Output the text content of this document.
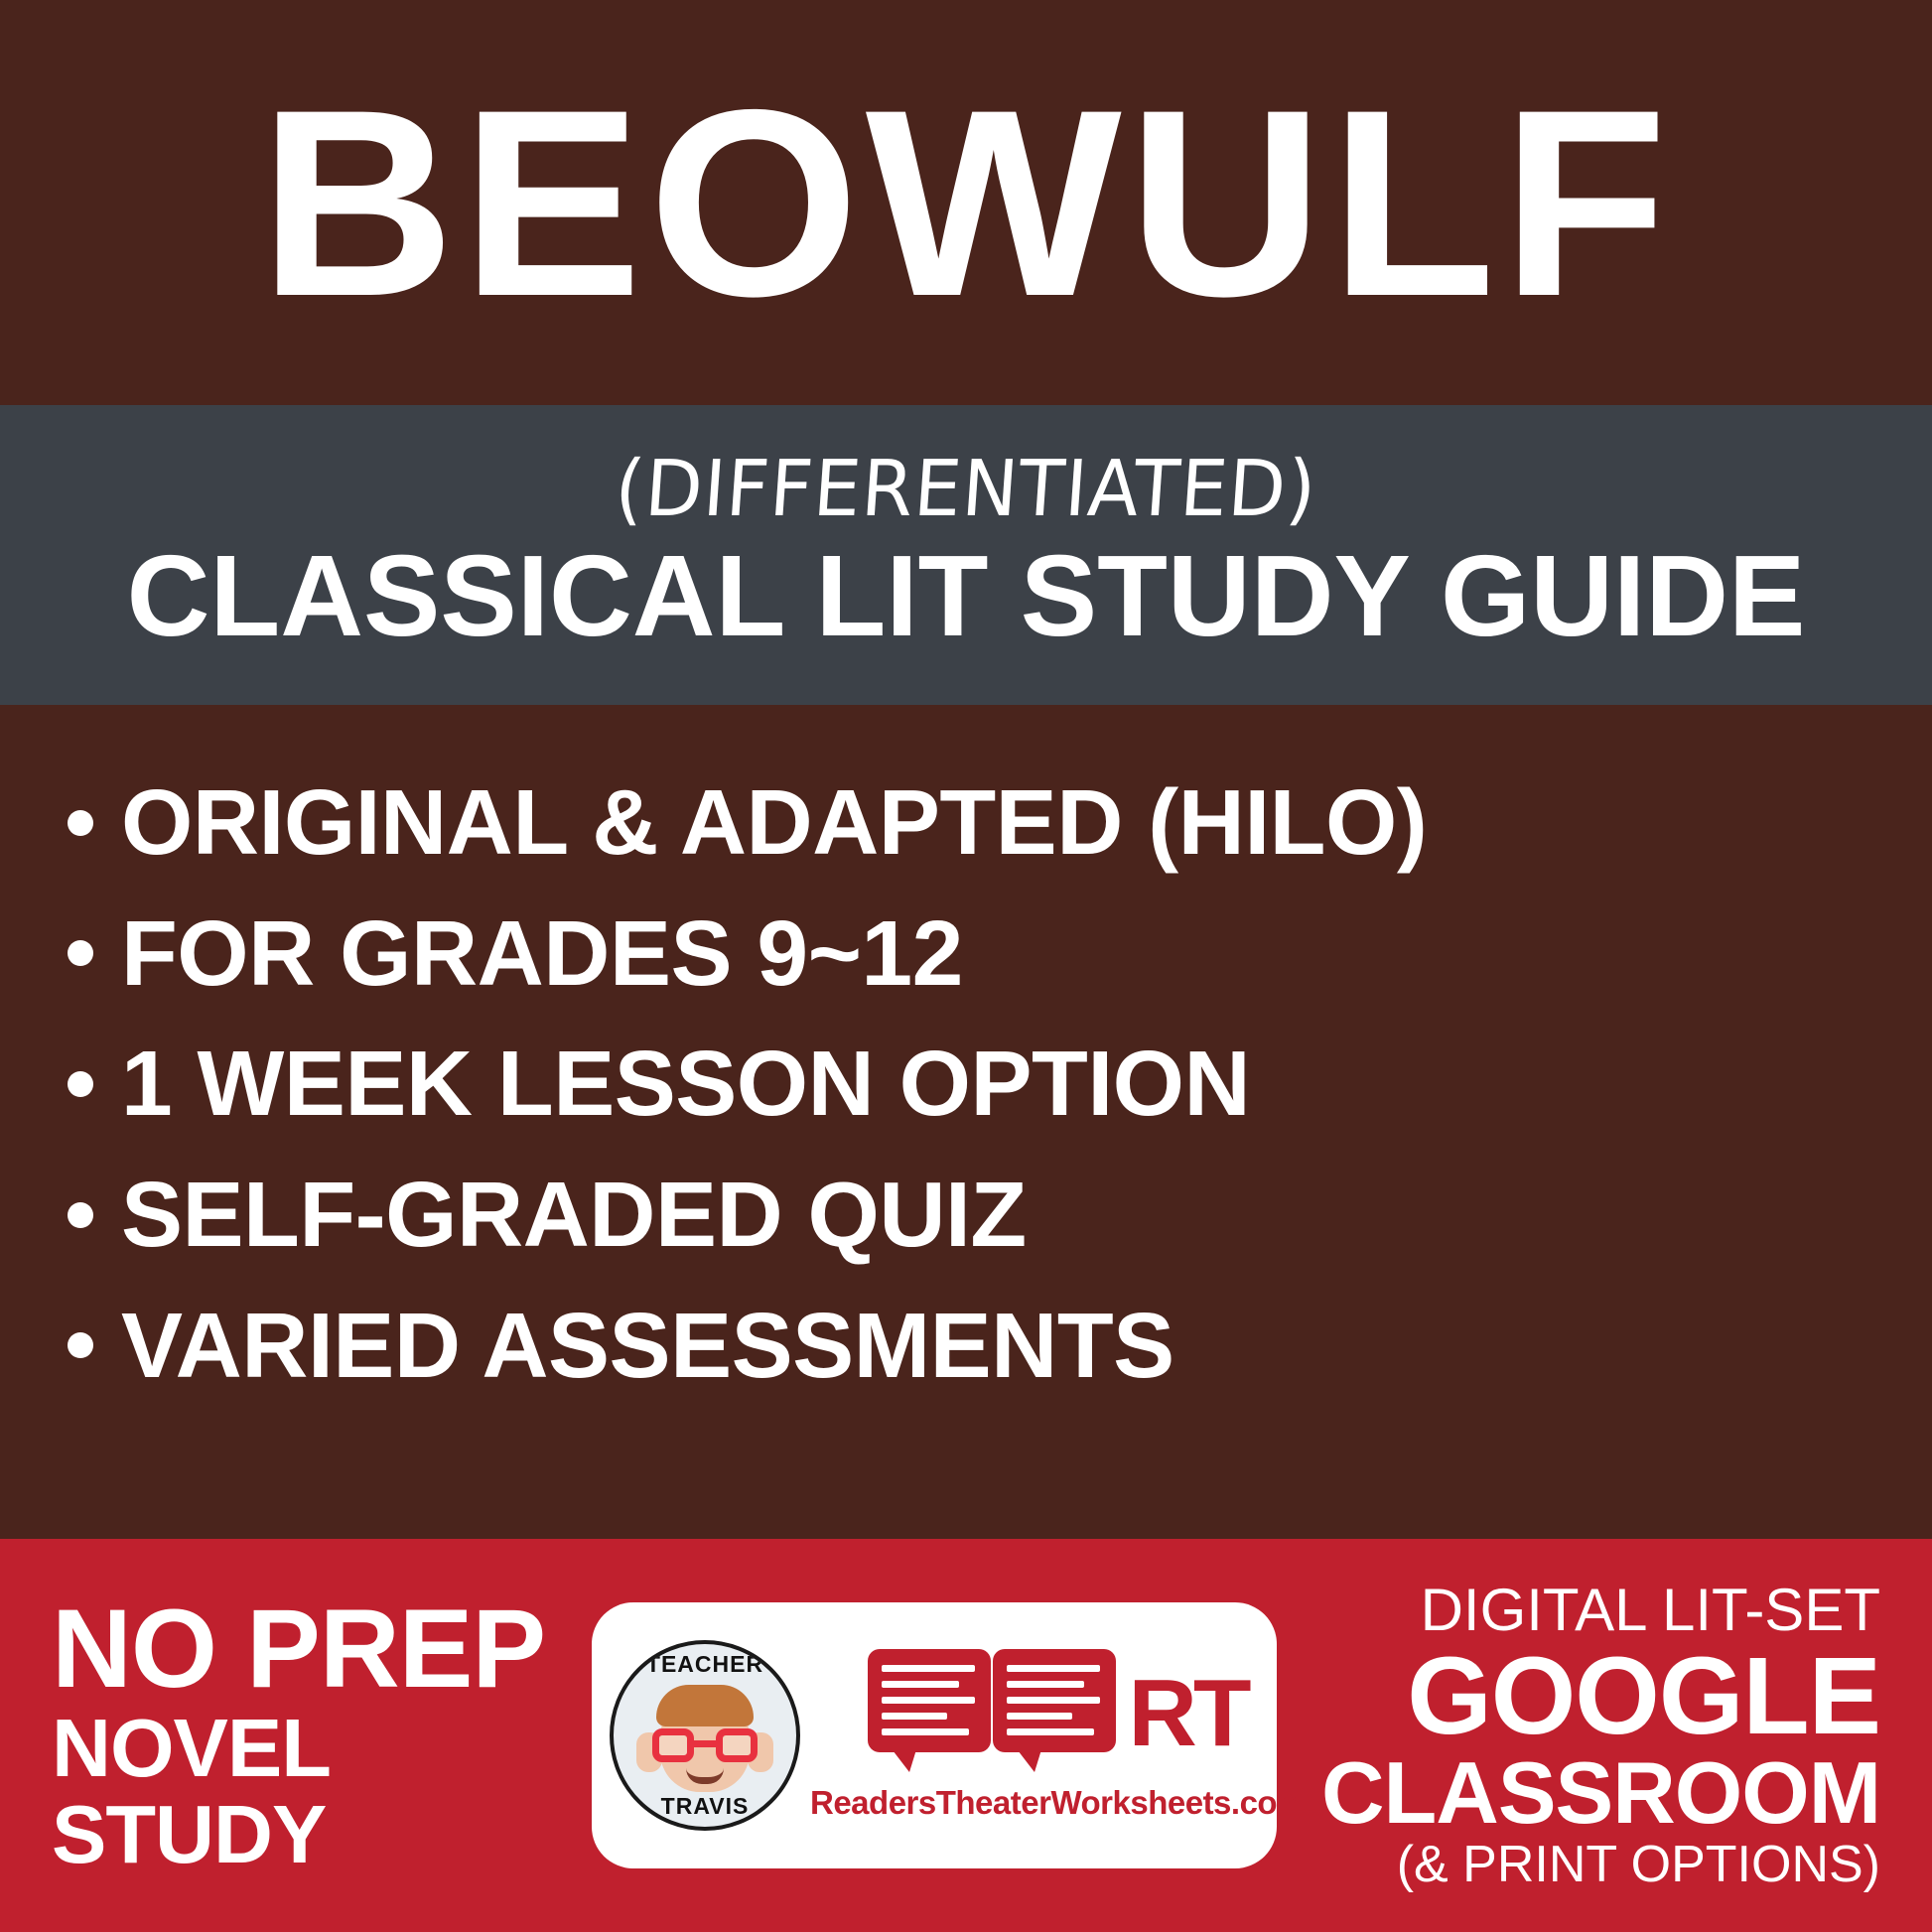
BEOWULF
(DIFFERENTIATED)
CLASSICAL LIT STUDY GUIDE
ORIGINAL & ADAPTED (HILO)
FOR GRADES 9~12
1 WEEK LESSON OPTION
SELF-GRADED QUIZ
VARIED ASSESSMENTS
NO PREP
NOVEL STUDY
TEACHER
TRAVIS
RT
ReadersTheaterWorksheets.com
DIGITAL LIT-SET
GOOGLE
CLASSROOM
(& PRINT OPTIONS)
